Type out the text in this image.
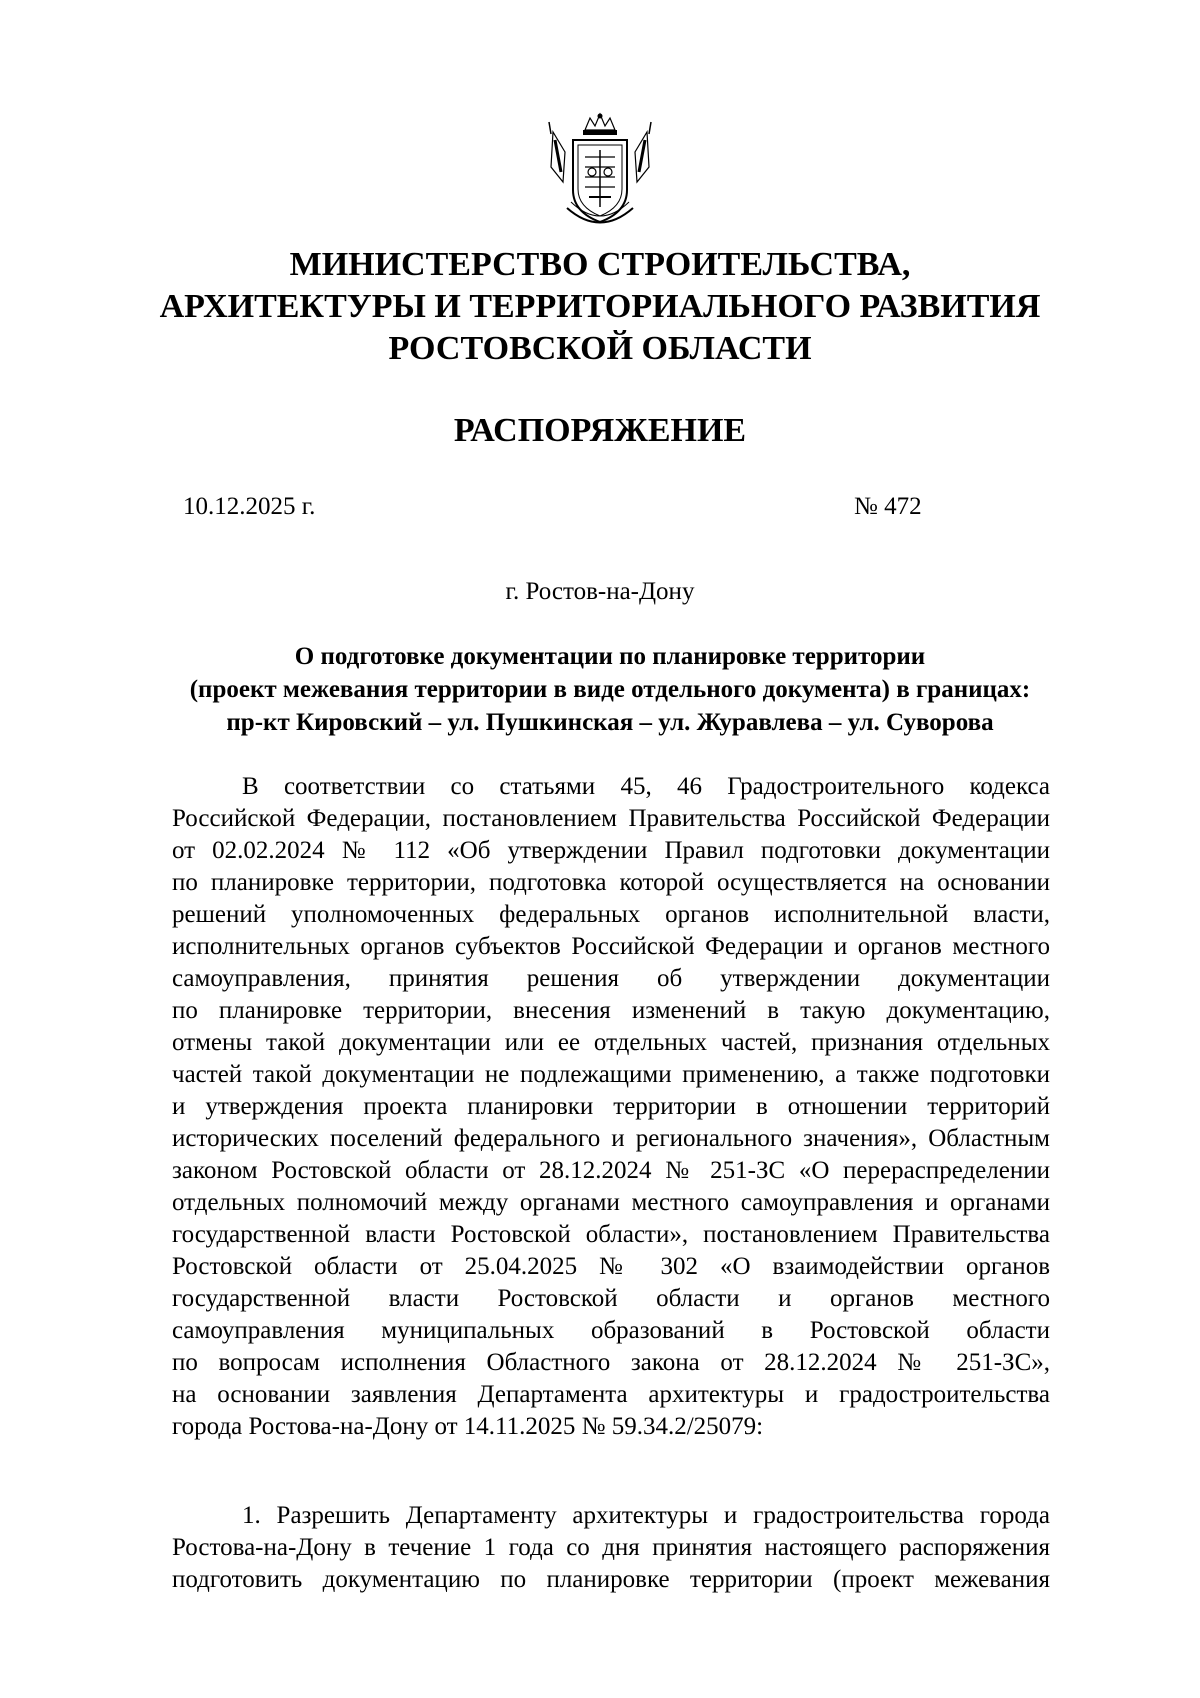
МИНИСТЕРСТВО СТРОИТЕЛЬСТВА,
АРХИТЕКТУРЫ И ТЕРРИТОРИАЛЬНОГО РАЗВИТИЯ
РОСТОВСКОЙ ОБЛАСТИ
РАСПОРЯЖЕНИЕ
10.12.2025 г.	№ 472
г. Ростов-на-Дону

О подготовке документации по планировке территории
(проект межевания территории в виде отдельного документа) в границах:
пр-кт Кировский – ул. Пушкинская – ул. Журавлева – ул. Суворова

В соответствии со статьями 45, 46 Градостроительного кодекса
Российской Федерации, постановлением Правительства Российской Федерации
от 02.02.2024 № 112 «Об утверждении Правил подготовки документации
по планировке территории, подготовка которой осуществляется на основании
решений уполномоченных федеральных органов исполнительной власти,
исполнительных органов субъектов Российской Федерации и органов местного
самоуправления, принятия решения об утверждении документации
по планировке территории, внесения изменений в такую документацию,
отмены такой документации или ее отдельных частей, признания отдельных
частей такой документации не подлежащими применению, а также подготовки
и утверждения проекта планировки территории в отношении территорий
исторических поселений федерального и регионального значения», Областным
законом Ростовской области от 28.12.2024 № 251-ЗС «О перераспределении
отдельных полномочий между органами местного самоуправления и органами
государственной власти Ростовской области», постановлением Правительства
Ростовской области от 25.04.2025 № 302 «О взаимодействии органов
государственной власти Ростовской области и органов местного
самоуправления муниципальных образований в Ростовской области
по вопросам исполнения Областного закона от 28.12.2024 № 251-ЗС»,
на основании заявления Департамента архитектуры и градостроительства
города Ростова-на-Дону от 14.11.2025 № 59.34.2/25079:
1. Разрешить Департаменту архитектуры и градостроительства города
Ростова-на-Дону в течение 1 года со дня принятия настоящего распоряжения
подготовить документацию по планировке территории (проект межевания
